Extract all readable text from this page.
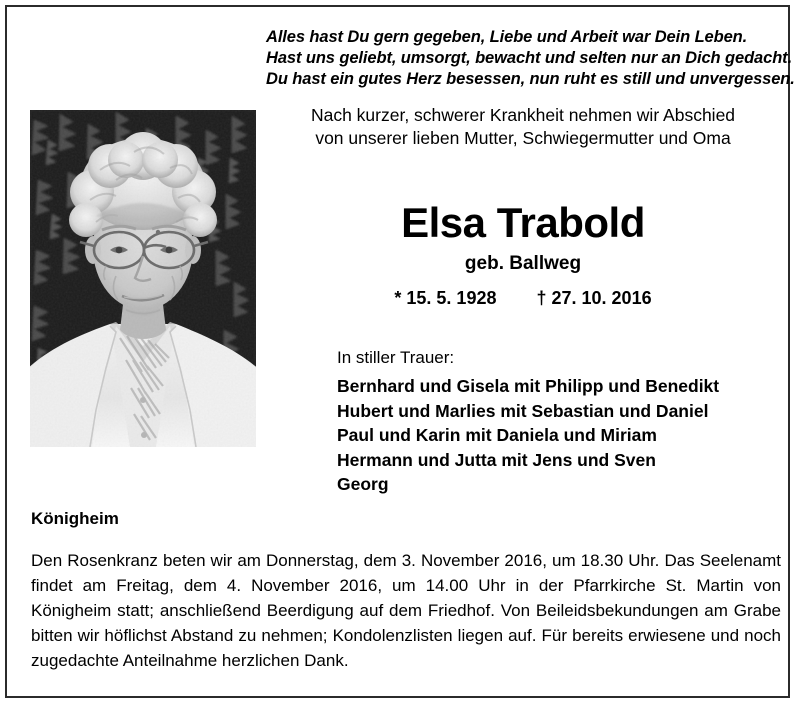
Alles hast Du gern gegeben, Liebe und Arbeit war Dein Leben.
Hast uns geliebt, umsorgt, bewacht und selten nur an Dich gedacht.
Du hast ein gutes Herz besessen, nun ruht es still und unvergessen.
Nach kurzer, schwerer Krankheit nehmen wir Abschied
von unserer lieben Mutter, Schwiegermutter und Oma
Elsa Trabold
geb. Ballweg
* 15. 5. 1928        † 27. 10. 2016
In stiller Trauer:
Bernhard und Gisela mit Philipp und Benedikt
Hubert und Marlies mit Sebastian und Daniel
Paul und Karin mit Daniela und Miriam
Hermann und Jutta mit Jens und Sven
Georg
Königheim
Den Rosenkranz beten wir am Donnerstag, dem 3. November 2016, um 18.30 Uhr. Das Seelenamt findet am Freitag, dem 4. November 2016, um 14.00 Uhr in der Pfarrkirche St. Martin von Königheim statt; anschließend Beerdigung auf dem Friedhof. Von Beileidsbekundungen am Grabe bitten wir höflichst Abstand zu nehmen; Kondolenzlisten liegen auf. Für bereits erwiesene und noch zugedachte Anteilnahme herzlichen Dank.
